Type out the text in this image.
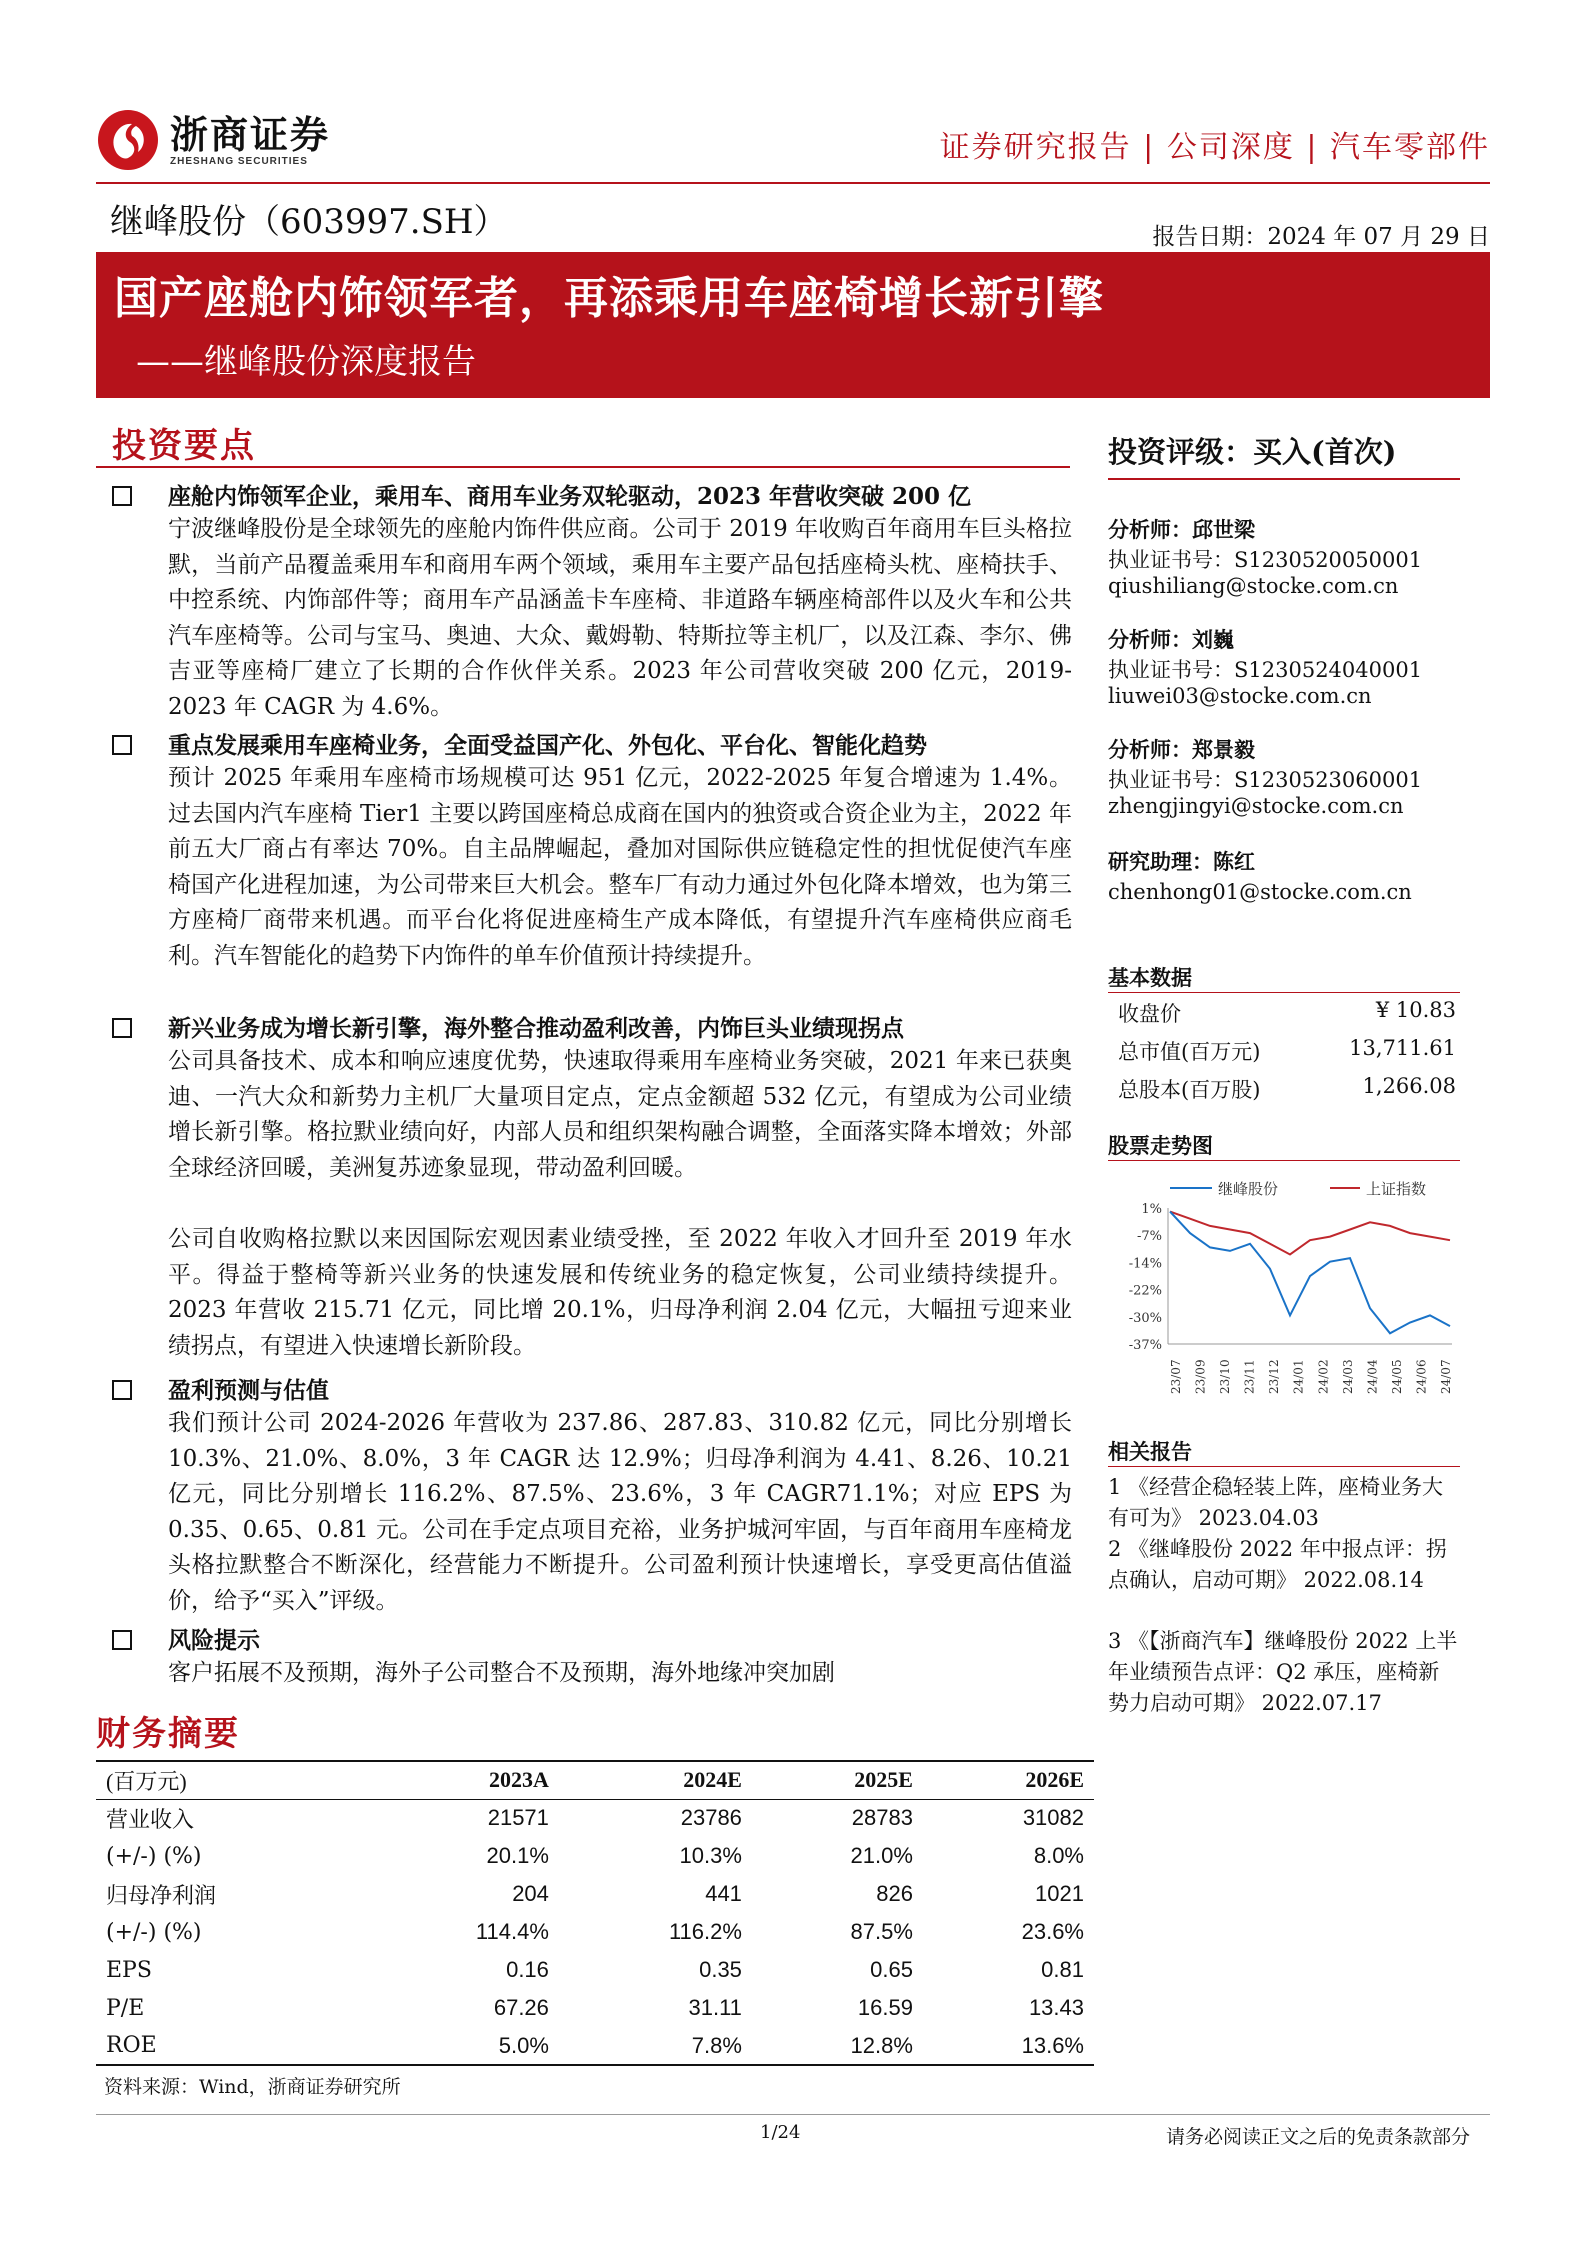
浙商证券
ZHESHANG SECURITIES	证券研究报告 | 公司深度 | 汽车零部件
继峰股份（603997.SH）	报告日期：2024 年 07 月 29 日
国产座舱内饰领军者，再添乘用车座椅增长新引擎
——继峰股份深度报告
投资要点
座舱内饰领军企业，乘用车、商用车业务双轮驱动，2023 年营收突破 200 亿
宁波继峰股份是全球领先的座舱内饰件供应商。公司于 2019 年收购百年商用车巨头格拉默，当前产品覆盖乘用车和商用车两个领域，乘用车主要产品包括座椅头枕、座椅扶手、中控系统、内饰部件等；商用车产品涵盖卡车座椅、非道路车辆座椅部件以及火车和公共汽车座椅等。公司与宝马、奥迪、大众、戴姆勒、特斯拉等主机厂，以及江森、李尔、佛吉亚等座椅厂建立了长期的合作伙伴关系。2023 年公司营收突破 200 亿元，2019-2023 年 CAGR 为 4.6%。
重点发展乘用车座椅业务，全面受益国产化、外包化、平台化、智能化趋势
预计 2025 年乘用车座椅市场规模可达 951 亿元，2022-2025 年复合增速为 1.4%。过去国内汽车座椅 Tier1 主要以跨国座椅总成商在国内的独资或合资企业为主，2022 年前五大厂商占有率达 70%。自主品牌崛起，叠加对国际供应链稳定性的担忧促使汽车座椅国产化进程加速，为公司带来巨大机会。整车厂有动力通过外包化降本增效，也为第三方座椅厂商带来机遇。而平台化将促进座椅生产成本降低，有望提升汽车座椅供应商毛利。汽车智能化的趋势下内饰件的单车价值预计持续提升。
新兴业务成为增长新引擎，海外整合推动盈利改善，内饰巨头业绩现拐点
公司具备技术、成本和响应速度优势，快速取得乘用车座椅业务突破，2021 年来已获奥迪、一汽大众和新势力主机厂大量项目定点，定点金额超 532 亿元，有望成为公司业绩增长新引擎。格拉默业绩向好，内部人员和组织架构融合调整，全面落实降本增效；外部全球经济回暖，美洲复苏迹象显现，带动盈利回暖。
公司自收购格拉默以来因国际宏观因素业绩受挫，至 2022 年收入才回升至 2019 年水平。得益于整椅等新兴业务的快速发展和传统业务的稳定恢复，公司业绩持续提升。2023 年营收 215.71 亿元，同比增 20.1%，归母净利润 2.04 亿元，大幅扭亏迎来业绩拐点，有望进入快速增长新阶段。
盈利预测与估值
我们预计公司 2024-2026 年营收为 237.86、287.83、310.82 亿元，同比分别增长 10.3%、21.0%、8.0%，3 年 CAGR 达 12.9%；归母净利润为 4.41、8.26、10.21 亿元，同比分别增长 116.2%、87.5%、23.6%，3 年 CAGR71.1%；对应 EPS 为 0.35、0.65、0.81 元。公司在手定点项目充裕，业务护城河牢固，与百年商用车座椅龙头格拉默整合不断深化，经营能力不断提升。公司盈利预计快速增长，享受更高估值溢价，给予“买入”评级。
风险提示
客户拓展不及预期，海外子公司整合不及预期，海外地缘冲突加剧
投资评级：买入(首次)
分析师：邱世梁
执业证书号：S1230520050001
qiushiliang@stocke.com.cn
分析师：刘巍
执业证书号：S1230524040001
liuwei03@stocke.com.cn
分析师：郑景毅
执业证书号：S1230523060001
zhengjingyi@stocke.com.cn
研究助理：陈红
chenhong01@stocke.com.cn
基本数据
收盘价	¥ 10.83
总市值(百万元)	13,711.61
总股本(百万股)	1,266.08
股票走势图
继峰股份	上证指数
1%
-7%
-14%
-22%
-30%
-37%
23/07 23/09 23/10 23/11 23/12 24/01 24/02 24/03 24/04 24/05 24/06 24/07
相关报告
1 《经营企稳轻装上阵，座椅业务大有可为》 2023.04.03
2 《继峰股份 2022 年中报点评：拐点确认，启动可期》 2022.08.14
3 《【浙商汽车】继峰股份 2022 上半年业绩预告点评：Q2 承压，座椅新势力启动可期》 2022.07.17
财务摘要
(百万元)	2023A	2024E	2025E	2026E
营业收入	21571	23786	28783	31082
(+/-) (%)	20.1%	10.3%	21.0%	8.0%
归母净利润	204	441	826	1021
(+/-) (%)	114.4%	116.2%	87.5%	23.6%
EPS	0.16	0.35	0.65	0.81
P/E	67.26	31.11	16.59	13.43
ROE	5.0%	7.8%	12.8%	13.6%
资料来源：Wind，浙商证券研究所
1/24	请务必阅读正文之后的免责条款部分
